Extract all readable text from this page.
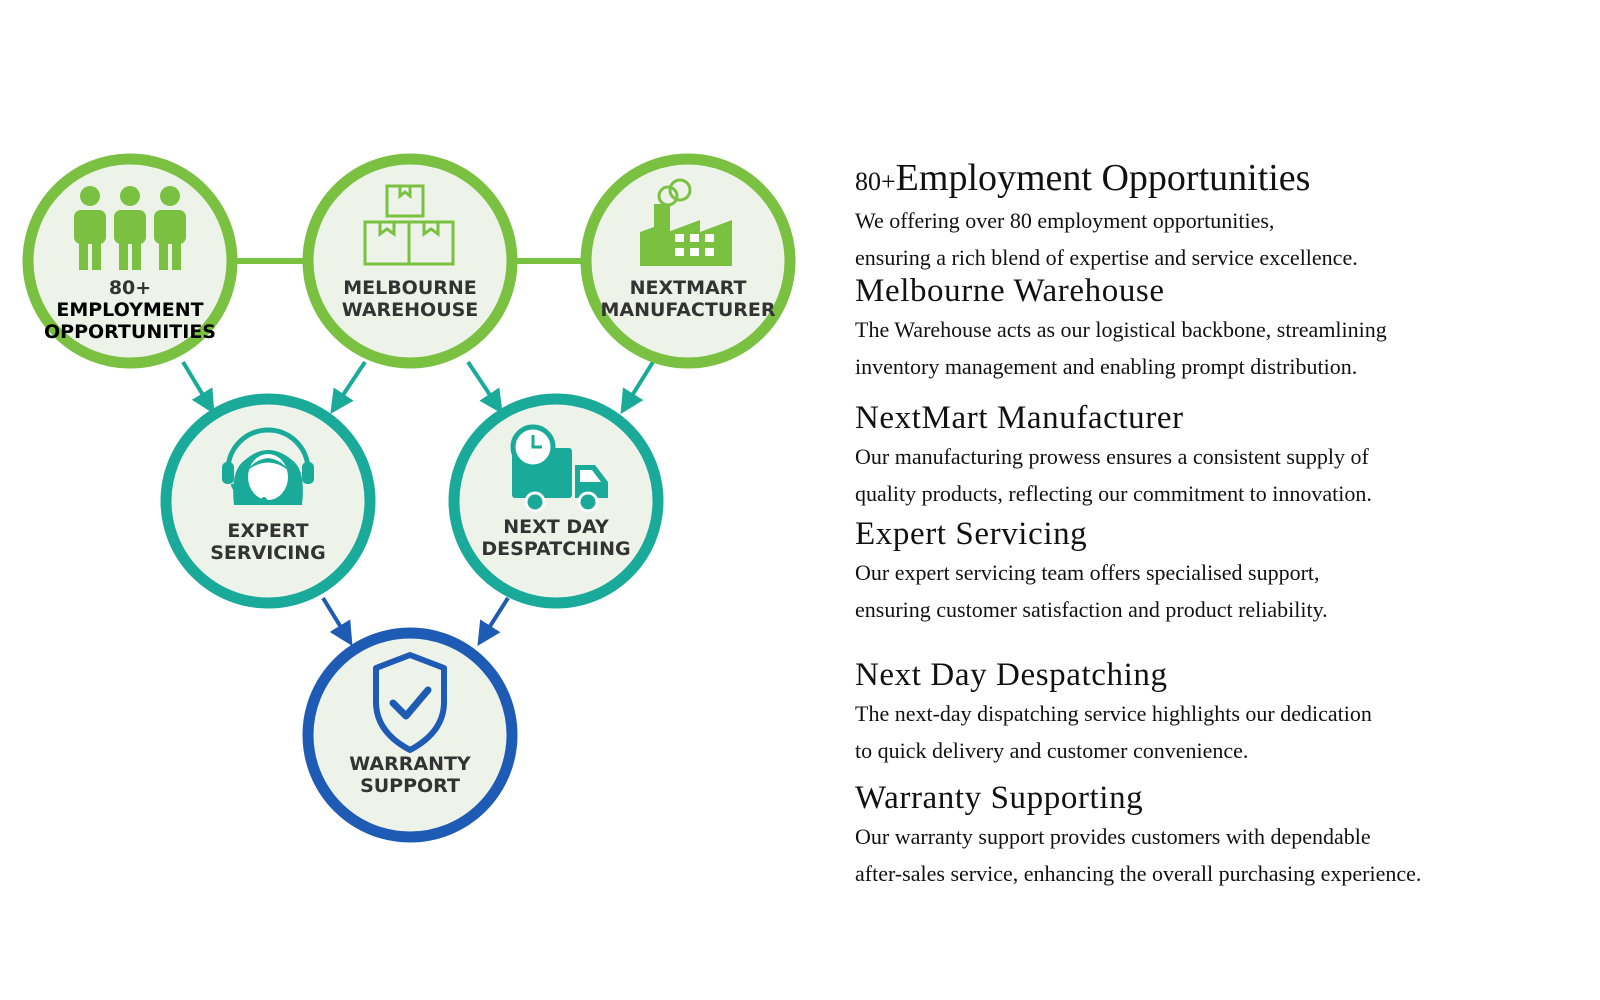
80+
EMPLOYMENT
OPPORTUNITIES
MELBOURNE
WAREHOUSE
NEXTMART
MANUFACTURER
EXPERT
SERVICING
NEXT DAY
DESPATCHING
WARRANTY
SUPPORT
80+Employment Opportunities
We offering over 80 employment opportunities,
ensuring a rich blend of expertise and service excellence.
Melbourne Warehouse
The Warehouse acts as our logistical backbone, streamlining
inventory management and enabling prompt distribution.
NextMart Manufacturer
Our manufacturing prowess ensures a consistent supply of
quality products, reflecting our commitment to innovation.
Expert Servicing
Our expert servicing team offers specialised support,
ensuring customer satisfaction and product reliability.
Next Day Despatching
The next-day dispatching service highlights our dedication
to quick delivery and customer convenience.
Warranty Supporting
Our warranty support provides customers with dependable
after-sales service, enhancing the overall purchasing experience.
